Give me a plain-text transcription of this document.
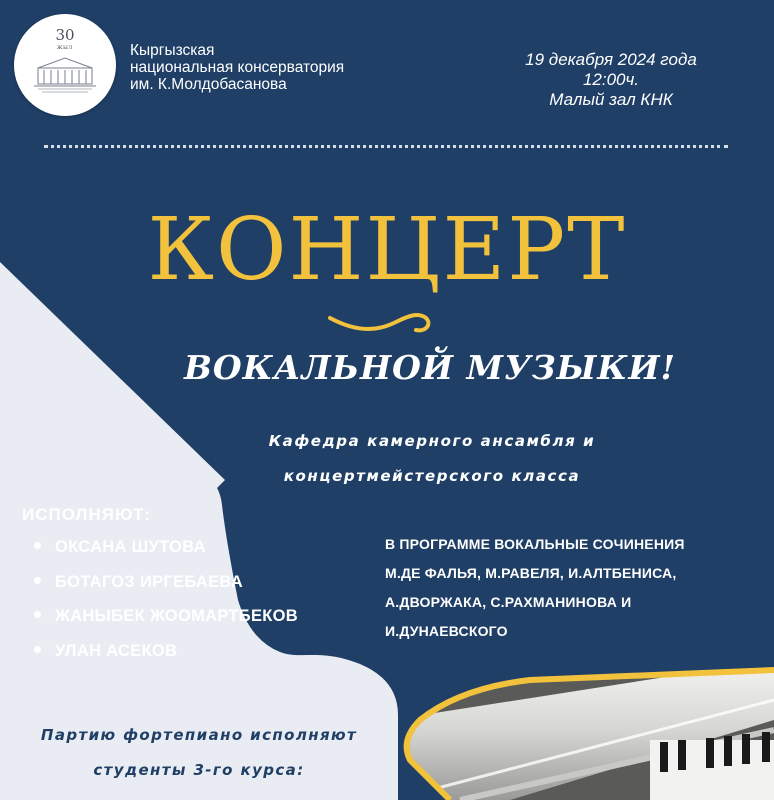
30
ЖЫЛ	Кыргызская
национальная консерватория
им. К.Молдобасанова
19 декабря 2024 года
12:00ч.
Малый зал КНК
КОНЦЕРТ
ВОКАЛЬНОЙ МУЗЫКИ!
Кафедра камерного ансамбля и
концертмейстерского класса
ИСПОЛНЯЮТ:
ОКСАНА ШУТОВА
БОТАГОЗ ИРГЕБАЕВА
ЖАНЫБЕК ЖООМАРТБЕКОВ
УЛАН АСЕКОВ
В ПРОГРАММЕ ВОКАЛЬНЫЕ СОЧИНЕНИЯ
М.ДЕ ФАЛЬЯ, М.РАВЕЛЯ, И.АЛТБЕНИСА,
А.ДВОРЖАКА, С.РАХМАНИНОВА И
И.ДУНАЕВСКОГО
Партию фортепиано исполняют
студенты 3-го курса:
